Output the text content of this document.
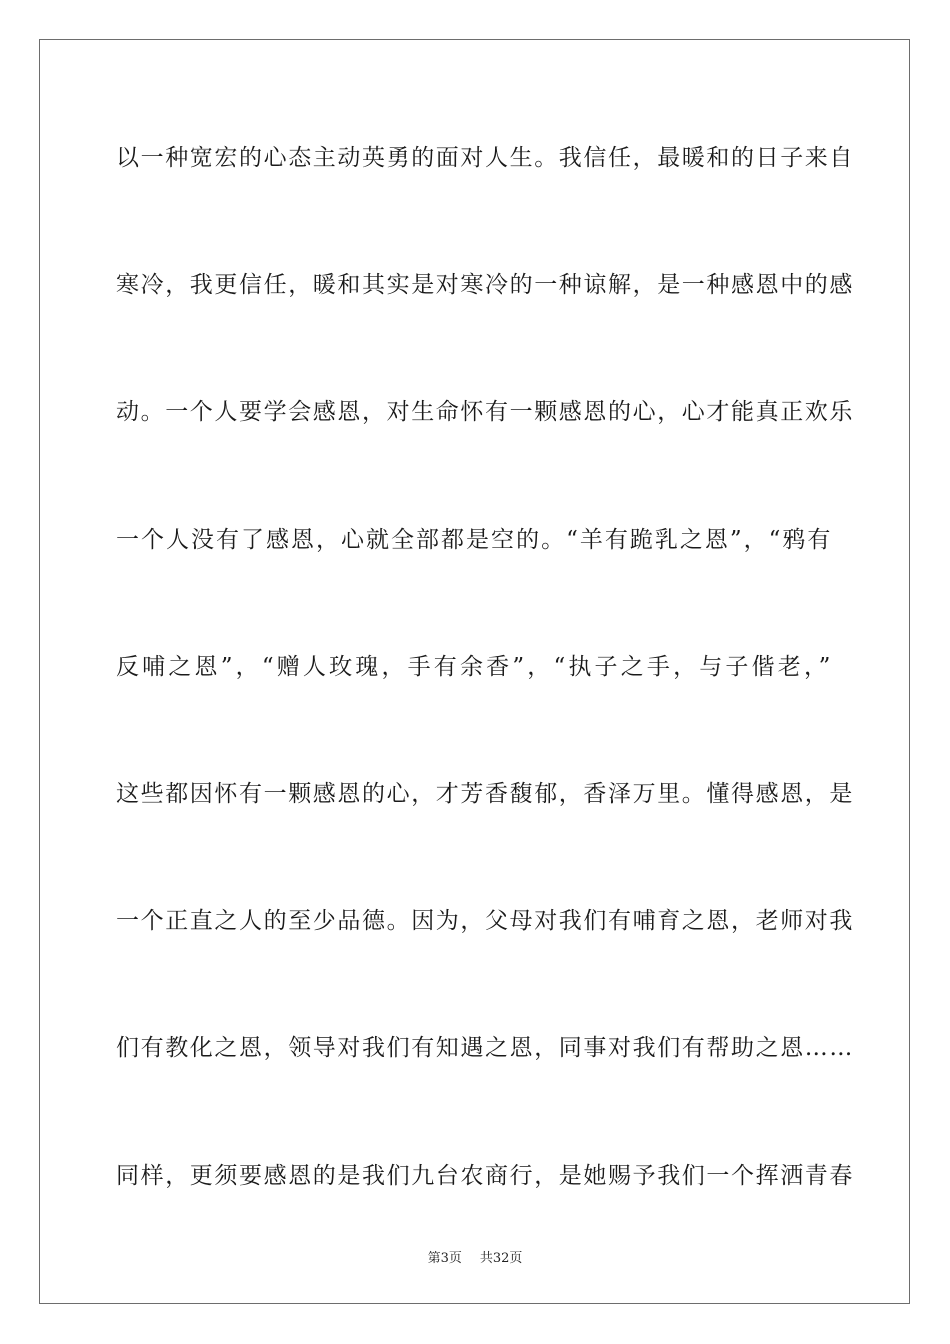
以一种宽宏的心态主动英勇的面对人生。我信任，最暖和的日子来自
寒冷，我更信任，暖和其实是对寒冷的一种谅解，是一种感恩中的感
动。一个人要学会感恩，对生命怀有一颗感恩的心，心才能真正欢乐
一个人没有了感恩，心就全部都是空的。“羊有跪乳之恩”，“鸦有
反哺之恩”，“赠人玫瑰，手有余香”，“执子之手，与子偕老，”
这些都因怀有一颗感恩的心，才芳香馥郁，香泽万里。懂得感恩，是
一个正直之人的至少品德。因为，父母对我们有哺育之恩，老师对我
们有教化之恩，领导对我们有知遇之恩，同事对我们有帮助之恩……
同样，更须要感恩的是我们九台农商行，是她赐予我们一个挥洒青春
第3页 共32页
